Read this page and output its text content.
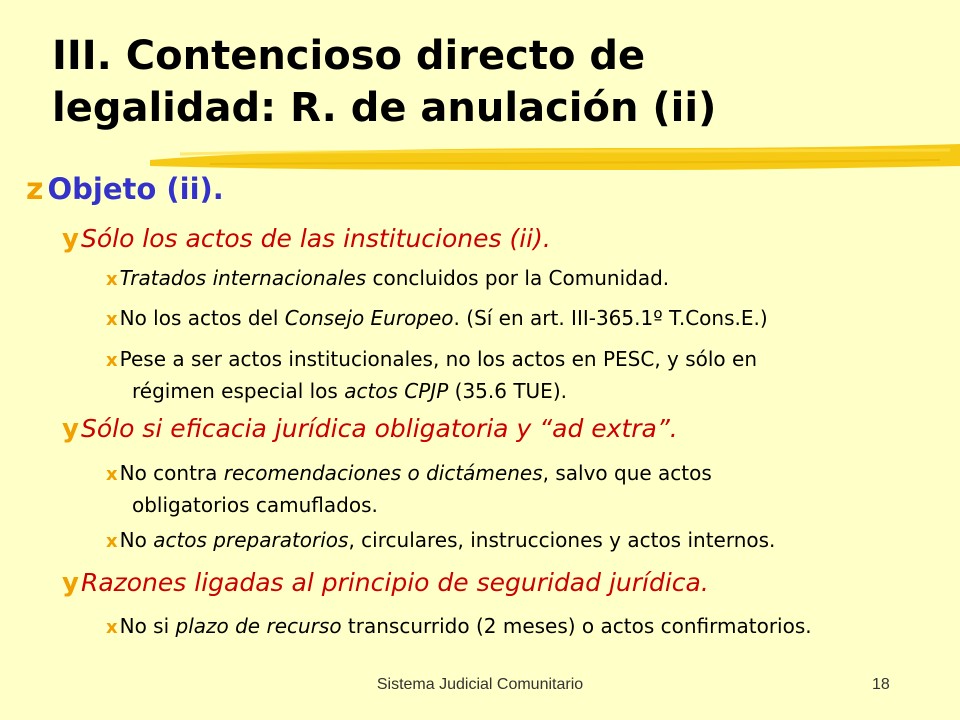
III. Contencioso directo de
legalidad: R. de anulación (ii)
z Objeto (ii).
ySólo los actos de las instituciones (ii).
x Tratados internacionales concluidos por la Comunidad.
x No los actos del Consejo Europeo. (Sí en art. III-365.1º T.Cons.E.)
x Pese a ser actos institucionales, no los actos en PESC, y sólo en
régimen especial los actos CPJP (35.6 TUE).
ySólo si eficacia jurídica obligatoria y “ad extra”.
x No contra recomendaciones o dictámenes, salvo que actos
obligatorios camuflados.
x No actos preparatorios, circulares, instrucciones y actos internos.
yRazones ligadas al principio de seguridad jurídica.
x No si plazo de recurso transcurrido (2 meses) o actos confirmatorios.
Sistema Judicial Comunitario	18
